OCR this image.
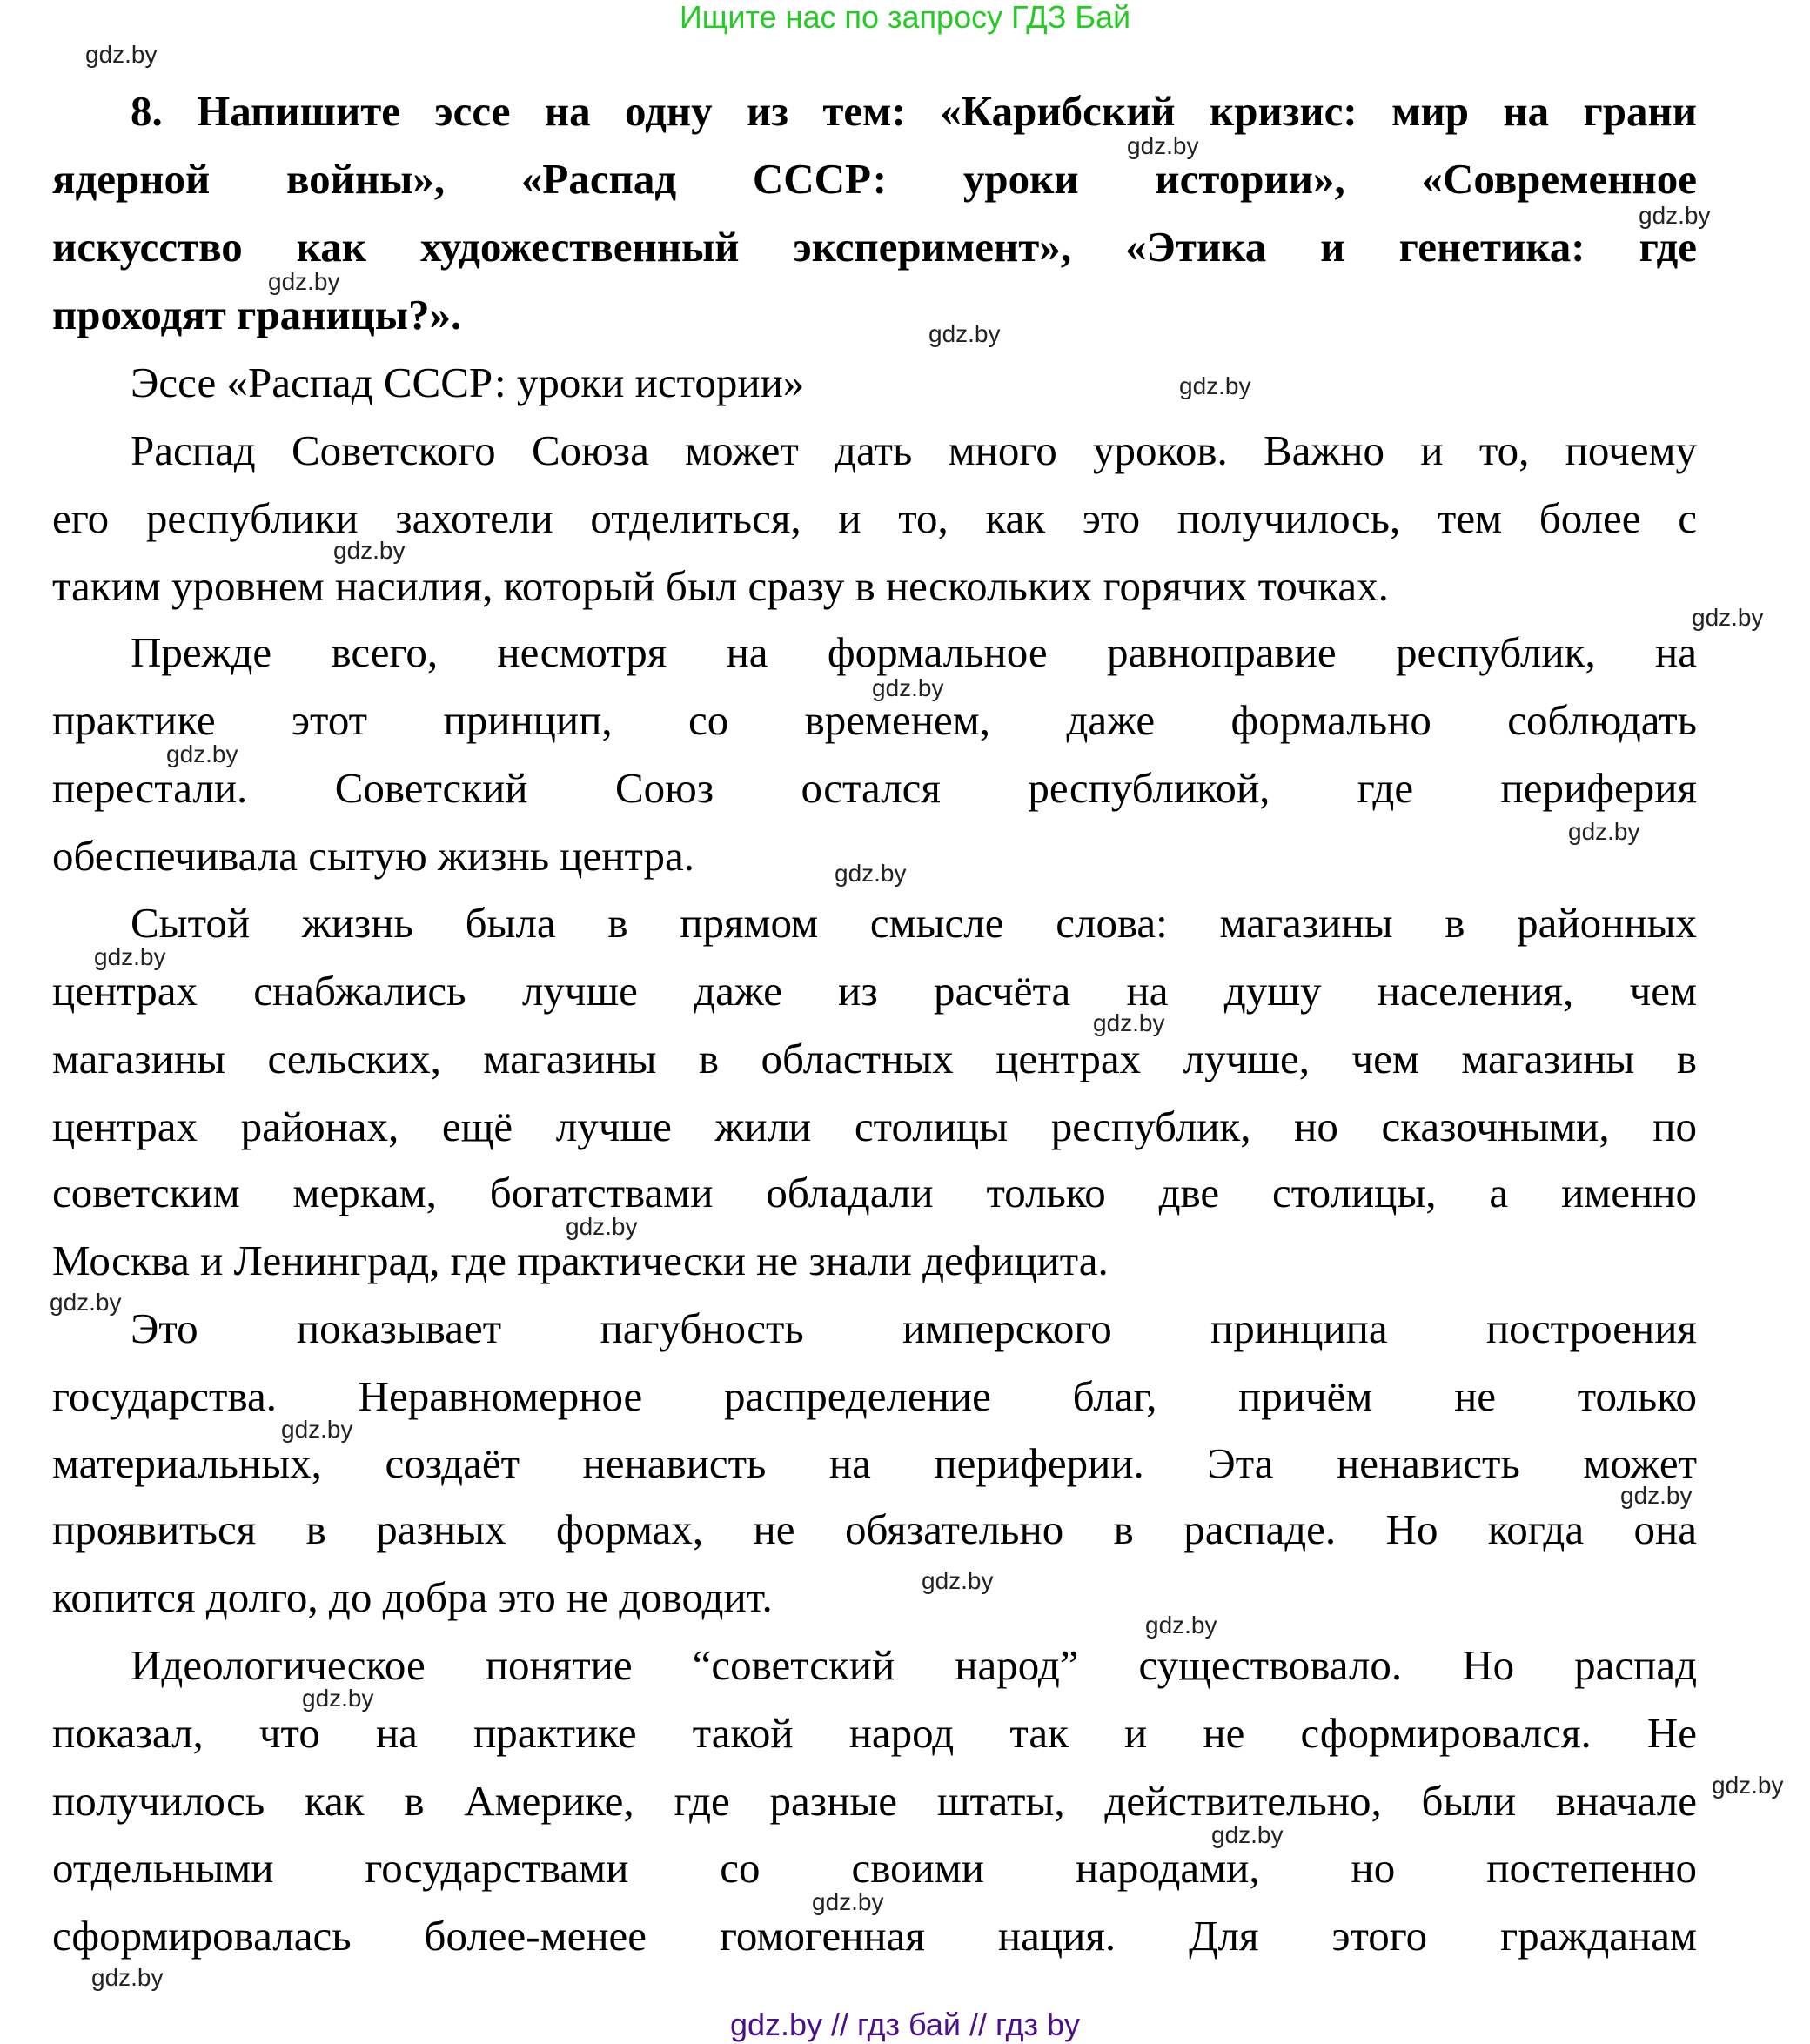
Ищите нас по запросу ГДЗ Бай
8. Напишите эссе на одну из тем: «Карибский кризис: мир на грани
ядерной войны», «Распад СССР: уроки истории», «Современное
искусство как художественный эксперимент», «Этика и генетика: где
проходят границы?».
Эссе «Распад СССР: уроки истории»
Распад Советского Союза может дать много уроков. Важно и то, почему
его республики захотели отделиться, и то, как это получилось, тем более с
таким уровнем насилия, который был сразу в нескольких горячих точках.
Прежде всего, несмотря на формальное равноправие республик, на
практике этот принцип, со временем, даже формально соблюдать
перестали. Советский Союз остался республикой, где периферия
обеспечивала сытую жизнь центра.
Сытой жизнь была в прямом смысле слова: магазины в районных
центрах снабжались лучше даже из расчёта на душу населения, чем
магазины сельских, магазины в областных центрах лучше, чем магазины в
центрах районах, ещё лучше жили столицы республик, но сказочными, по
советским меркам, богатствами обладали только две столицы, а именно
Москва и Ленинград, где практически не знали дефицита.
Это показывает пагубность имперского принципа построения
государства. Неравномерное распределение благ, причём не только
материальных, создаёт ненависть на периферии. Эта ненависть может
проявиться в разных формах, не обязательно в распаде. Но когда она
копится долго, до добра это не доводит.
Идеологическое понятие “советский народ” существовало. Но распад
показал, что на практике такой народ так и не сформировался. Не
получилось как в Америке, где разные штаты, действительно, были вначале
отдельными государствами со своими народами, но постепенно
сформировалась более-менее гомогенная нация. Для этого гражданам
gdz.by
gdz.by
gdz.by
gdz.by
gdz.by
gdz.by
gdz.by
gdz.by
gdz.by
gdz.by
gdz.by
gdz.by
gdz.by
gdz.by
gdz.by
gdz.by
gdz.by
gdz.by
gdz.by
gdz.by
gdz.by
gdz.by
gdz.by
gdz.by
gdz.by
gdz.by // гдз бай // гдз by
